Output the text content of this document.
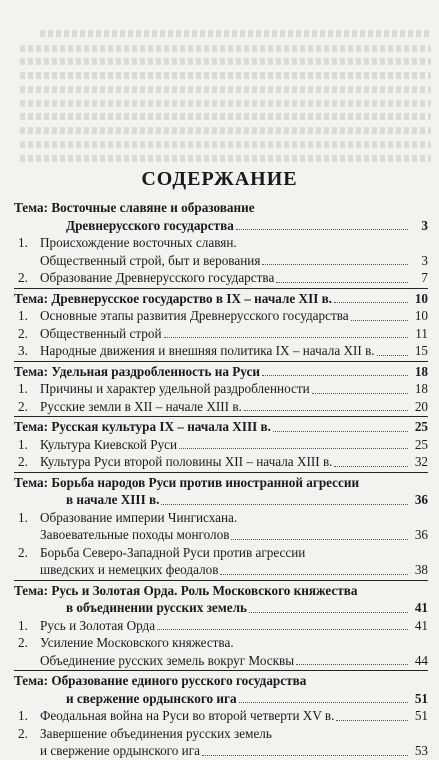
СОДЕРЖАНИЕ
Тема: Восточные славяне и образование
Древнерусского государства	3
1. Происхождение восточных славян.
Общественный строй, быт и верования	3
2. Образование Древнерусского государства	7
Тема: Древнерусское государство в IX – начале XII в.	10
1. Основные этапы развития Древнерусского государства	10
2. Общественный строй	11
3. Народные движения и внешняя политика IX – начала XII в.	15
Тема: Удельная раздробленность на Руси	18
1. Причины и характер удельной раздробленности	18
2. Русские земли в XII – начале XIII в.	20
Тема: Русская культура IX – начала XIII в.	25
1. Культура Киевской Руси	25
2. Культура Руси второй половины XII – начала XIII в.	32
Тема: Борьба народов Руси против иностранной агрессии
в начале XIII в.	36
1. Образование империи Чингисхана.
Завоевательные походы монголов	36
2. Борьба Северо-Западной Руси против агрессии
шведских и немецких феодалов	38
Тема: Русь и Золотая Орда. Роль Московского княжества
в объединении русских земель	41
1. Русь и Золотая Орда	41
2. Усиление Московского княжества.
Объединение русских земель вокруг Москвы	44
Тема: Образование единого русского государства
и свержение ордынского ига	51
1. Феодальная война на Руси во второй четверти XV в.	51
2. Завершение объединения русских земель
и свержение ордынского ига	53
